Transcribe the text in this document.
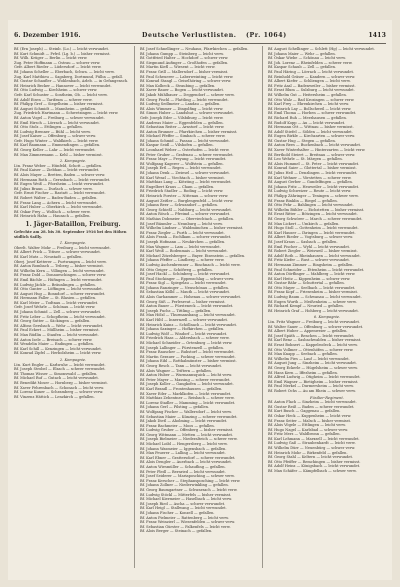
6. Dezember 1916.	Deutsche Verlustlisten. (Pr. 1064)	1413
Bf. (Ern Joseph) — Steinb. (Lo.) — leicht verwundet.
Bf. Kurt Schmidt — Prfrd. (Lg. b.) — bisher vermisst.
Bf. Wilh. Krüger — Berlin — leicht verw.
Zug. Peter Hoffmann — Ostrau — schwer verw.
Gefr. Albert Rieder — Lüdersdorf — leicht verw.
Bf. Johann Scheller — Eberbach, Schwa. — leicht verw.
Zug. Karl Matthieu — Sagaberg, Dortmund, Fülba — gefall.
Bf. Gustav Schaufler — Wohlenbach, Arleb. — in Gefangensch.
Bf. Heinrich Becker — Hannover — leicht verwundet.
Bf. Otto Ludwig — Kirchheim — schwer verw.
Gefr. Karl Schuster — Sontheim, Ob. — leicht verw.
Bf. Adolf Eisen — Tarifzum — schwer verw.
Bf. Philipp Gref — Siegelheim — bisher vermisst.
Bf. August Schmidt — Mannheim — gefallen.
Zug. Friedrich Hartmann — Schwetzingen — leicht verw.
Bf. Anton Vogel — Freiburg — schwer verwundet.
Bf. Emil Hirsch — Lörrach — leicht verwundet.
Bf. Otto Stolz — Ettlingen — gefallen.
Bf. Ludwig Brenner — Bühl — leicht verw.
Bf. Josef Kaiser — Offenburg — schwer verw.
Gefr. Hugo Winter — Waldkirch — leicht verw.
Bf. Karl Baumann — Emmendingen — gefallen.
Bf. Georg Keller — Lahr — leicht verwundet.
Bf. Max Zimmermann — Kehl — bisher vermisst.
2. Kompagnie.
Ltn. Franz Weber — Hünfeld, Schott — gefallen.
Bf. Paul Kaiser — Ziebhan — leicht verwundet.
Bf. Alois Mayer — Bretten, Baden — schwer verw.
Bf. Hermann Roth — Gernsbach — leicht verwundet.
Bf. Eugen Weiß — Pforzheim — leicht verwundet.
Bf. Julius Braun — Durlach — schwer verw.
Gefr. Ernst Fischer — Rastatt — leicht verwundet.
Bf. Robert Walter — Baden-Baden — gefallen.
Bf. Franz Lang — Achern — leicht verwundet.
Bf. Karl Huber — Oberkirch — leicht verwundet.
Bf. Oskar Frey — Wolfach — schwer verw.
Bf. Heinrich Hahn — Hausach — gefallen.
1. Jäger-Bataillon, Freiburg.
Gefechte am 28. bis 30. September 1916 bei den Höhen südlich Sailly.
1. Kompagnie.
Oberlt. Walter Mohr — Freiburg — leicht verwundet.
Bf. Albert Frick — Titisee — schwer verwundet.
Bf. Karl Mutz — Neustadt — gefallen.
Oberj. Josef Ketterer — Furtwangen — leicht verw.
Bf. Anton Rombach — Triberg — bisher vermisst.
Bf. Wilhelm Kern — Villingen — leicht verwundet.
Bf. Franz Dold — Donaueschingen — schwer verw.
Bf. Emil Bächle — Hüfingen — leicht verwundet.
Bf. Ludwig Jäckle — Bräunlingen — gefallen.
Bf. Otto Ganter — Löffingen — leicht verwundet.
Bf. August Hug — Bonndorf — schwer verwundet.
Bf. Hermann Faller — St. Blasien — gefallen.
Bf. Karl Meier — Todtnau — leicht verwundet.
Gefr. Josef Wehrle — Schönau — leicht verw.
Bf. Johann Schmid — Zell — schwer verwundet.
Bf. Fritz Leber — Schopfheim — leicht verwundet.
Bf. Georg Sutter — Säckingen — gefallen.
Bf. Alfons Gersbach — Wehr — leicht verwundet.
Bf. Paul Eckert — Müllheim — bisher vermisst.
Bf. Max Rüdlin — Staufen — leicht verwundet.
Bf. Anton Isele — Breisach — schwer verw.
Bf. Wendelin Maier — Endingen — gefallen.
Bf. Karl Schill — Kenzingen — leicht verwundet.
Bf. Konrad Zipfel — Herbolzheim — leicht verw.
2. Kompagnie.
Ltn. Kurt Engler — Karlsruhe — leicht verwundet.
Bf. Joseph Strobel — Elzach — schwer verwundet.
Bf. Thomas Wisser — Simonswald — gefallen.
Bf. Michael Ruf — Gutach — leicht verwundet.
Bf. Benedikt Moser — Hornberg — bisher vermisst.
Bf. Xaver Fehrenbach — Schonach — leicht verw.
Bf. Lorenz Kuner — Schramberg — schwer verw.
Bf. Vinzenz Hättich — Lenzkirch — gefallen.
Bf. Josef Schnellinger — Neuhaus, Pfarrkirchen — gefallen.
Bf. Johann Gumpp — Steinberg — leicht verw.
Bf. Gottfried Halter — Hochdorf — schwer verw.
Bf. Siegmund Aufinger — Großhofen — gefallen.
Bf. Martin Kiefl — Wiesent — leicht verw.
Bf. Franz Grill — Mallersdorf — bisher vermisst.
Bf. Paul Scheuerer — Laberweinting — leicht verw.
Bf. Konrad Stangl — Geiselhöring — schwer verw.
Bf. Max Kolbeck — Straubing — gefallen.
Bf. Xaver Bauer — Bogen — leicht verwundet.
Bf. Jakob Mühlbauer — Deggendorf — schwer verw.
Bf. Georg Fischl — Plattling — leicht verwundet.
Bf. Ludwig Sedlmeier — Landau — gefallen.
Bf. Alois Wimmer — Dingolfing — leicht verw.
Bf. Simon Huber — Landshut — schwer verwundet.
Gefr. Joseph Eder — Vilsbiburg — leicht verw.
Bf. Andreas Maier — Eggenfelden — gefallen.
Bf. Sebastian Reiter — Arnstorf — leicht verw.
Bf. Anton Brunner — Pfarrkirchen — bisher vermisst.
Bf. Michael Pfeffer — Simbach — schwer verw.
Bf. Johann Schmid — Passau — leicht verwundet.
Bf. Kaspar Seidl — Vilshofen — gefallen.
Bf. Leonhard Weber — Osterhofen — leicht verw.
Bf. Peter Gruber — Grafenau — schwer verwundet.
Bf. Franz Mayr — Freyung — leicht verwundet.
Bf. Wolfgang Kagerer — Wolfstein — gefallen.
Bf. Joseph Ertl — Regen — leicht verwundet.
Bf. Johann Denk — Zwiesel — schwer verwundet.
Bf. Karl Wenzl — Viechtach — bisher vermisst.
Bf. Matthias Lang — Kötzting — leicht verwundet.
Bf. Engelbert Kraus — Cham — gefallen.
Bf. Friedrich Stadler — Roding — leicht verw.
Bf. Heinrich Forster — Nittenau — schwer verw.
Bf. August Zeitler — Burglengenfeld — leicht verw.
Bf. Johann Beer — Schwandorf — gefallen.
Bf. Georg Schießl — Nabburg — leicht verwundet.
Bf. Anton Rösch — Pfreimd — schwer verwundet.
Bf. Mathias Dobmeier — Oberviechtach — gefallen.
Bf. Josef Bäumler — Neunburg — leicht verw.
Bf. Wilhelm Lindner — Waldmünchen — bisher vermisst.
Bf. Franz Ziegler — Furth — leicht verwundet.
Bf. Alois Frank — Eschlkam — schwer verwundet.
Bf. Joseph Hofmann — Neukirchen — gefallen.
Bf. Max Wagner — Lam — leicht verwundet.
Bf. Karl Weiß — Bodenmais — leicht verwundet.
Bf. Michael Zitzelsberger — Bayer. Eisenstein — gefallen.
Bf. Johann Pfeffer — Lindberg — schwer verw.
Bf. Ludwig Aschenbrenner — Rinchnach — leicht verw.
Bf. Otto Geiger — Schöfweg — gefallen.
Bf. Josef Hackl — Schönberg — leicht verwundet.
Bf. Paul Stockinger — Eppenschlag — schwer verw.
Bf. Franz Sigl — Spiegelau — leicht verwundet.
Bf. Johann Ranzinger — Neuschönau — gefallen.
Bf. Sebastian Kölbl — Mauth — leicht verwundet.
Bf. Alois Garhammer — Hohenau — schwer verwundet.
Bf. Georg Süß — Perlesreut — bisher vermisst.
Bf. Anton Bauer — Fürsteneck — leicht verwundet.
Bf. Joseph Fuchs — Tittling — gefallen.
Bf. Max Hölzl — Thurmansbang — leicht verwundet.
Bf. Karl Hiltl — Innernzell — schwer verwundet.
Bf. Heinrich Kainz — Schöllnach — leicht verwundet.
Bf. Johann Saxinger — Hofkirchen — gefallen.
Bf. Ludwig Wolf — Windorf — leicht verwundet.
Bf. Friedrich Haas — Aldersbach — schwer verw.
Bf. Michael Schneider — Ortenburg — leicht verw.
Bf. Joseph Lallinger — Fürstenzell — gefallen.
Bf. Franz Rauscher — Ruhstorf — leicht verwundet.
Bf. Martin Gerauer — Pocking — schwer verwundet.
Bf. Johann Eibl — Rotthalmünster — bisher vermisst.
Bf. Georg Resch — Tann — leicht verwundet.
Bf. Alois Wagner — Triftern — gefallen.
Bf. Anton Huber — Wurmannsquick — leicht verw.
Bf. Peter Mayer — Massing — schwer verwundet.
Bf. Joseph Koller — Gangkofen — leicht verwundet.
Bf. Karl Brandl — Frontenhausen — gefallen.
Bf. Xaver Eder — Marklkofen — leicht verwundet.
Bf. Matthias Zehentner — Reisbach — schwer verw.
Bf. Lorenz Stadler — Mamming — leicht verwundet.
Bf. Johann Gerl — Pilsting — gefallen.
Bf. Wolfgang Fischer — Wallersdorf — leicht verw.
Bf. Sebastian Maier — Künzing — schwer verwundet.
Bf. Jakob Dietl — Aholming — leicht verwundet.
Bf. Franz Bachmeier — Moos — gefallen.
Bf. Ludwig Gruber — Offenberg — bisher vermisst.
Bf. Georg Wittmann — Metten — leicht verwundet.
Bf. Joseph Bielmeier — Niederalteich — schwer verw.
Bf. Michael Loibl — Hengersberg — leicht verw.
Bf. Johann Wasmeier — Iggensbach — gefallen.
Bf. Max Feuerer — Lalling — leicht verwundet.
Bf. Karl Ebner — Grattersdorf — schwer verwundet.
Bf. Alois Dengler — Auerbach — leicht verwundet.
Bf. Anton Wiesmüller — Schaufling — gefallen.
Bf. Peter Pledl — Bernried — leicht verwundet.
Bf. Josef Seiderer — Mariaposching — schwer verw.
Bf. Franz Kerscher — Stephansposching — leicht verw.
Bf. Johann Zollner — Niederwinkling — gefallen.
Bf. Georg Baumgartner — Schwarzach — leicht verw.
Bf. Ludwig Stöckl — Mitterfels — bisher vermisst.
Bf. Michael Kiermeier — Haselbach — leicht verw.
Bf. Joseph Ried — Ascha — schwer verwundet.
Bf. Karl Heigl — Stallwang — leicht verwundet.
Bf. Johann Fischer — Konzell — gefallen.
Bf. Anton Pielmeier — Rattenberg — leicht verw.
Bf. Franz Weinzierl — Wiesenfelden — schwer verw.
Bf. Sebastian Gürster — Falkenfels — leicht verw.
Bf. Alois Berger — Steinach — gefallen.
Bf. August Schellinger — Schlett (Hg) — leicht verwundet.
Bf. Johann Maier — Wehr — gefallen.
Bf. Oskar Wiebe — Schönau — leicht verw.
Bf. Joh. Lorenz — Rheinfelden — schwer verw.
Bf. Kaspar Schaub — Zell — gefallen.
Bf. Paul Häring — Lörrach — leicht verwundet.
Bf. Reinhold Gräser — Kandern — schwer verw.
Bf. Albert Kiefer — Schliengen — leicht verw.
Bf. Fritz Asal — Badenweiler — bisher vermisst.
Bf. Ernst Blum — Sulzburg — leicht verwundet.
Bf. Wilhelm Gut — Heitersheim — gefallen.
Bf. Otto Walz — Bad Krozingen — schwer verw.
Bf. Karl Frey — Ehrenkirchen — leicht verw.
Bf. Heinrich Lay — Bollschweil — leicht verw.
Bf. Emil Thoma — Horben — schwer verwundet.
Bf. Richard Ruh — Merzhausen — gefallen.
Bf. Rudolf Kopp — Au — leicht verwundet.
Bf. Hermann Ott — Wittnau — bisher vermisst.
Bf. Adolf Stiefel — Sölden — leicht verwundet.
Bf. Eugen Birkle — Kirchzarten — schwer verw.
Bf. Gustav Hug — Stegen — gefallen.
Bf. Anton Rees — Buchenbach — leicht verwundet.
Bf. Xaver Winterhalter — Hinterzarten — leicht verw.
Bf. Berthold Steiert — Breitnau — schwer verw.
Bf. Leo Wehrle — St. Märgen — gefallen.
Bf. Alois Hummel — St. Peter — leicht verwundet.
Bf. Konrad Saier — Glottertal — bisher vermisst.
Bf. Julius Heß — Denzlingen — leicht verwundet.
Bf. Karl Wehner — Vörstetten — schwer verw.
Bf. August Gerber — Gundelfingen — gefallen.
Bf. Johann Fritz — Heuweiler — leicht verwundet.
Bf. Ludwig Schweizer — Reute — leicht verw.
Bf. Philipp Zähringer — Teningen — schwer verw.
Bf. Franz Rinklin — Riegel — gefallen.
Bf. Otto Fehr — Bahlingen — leicht verwundet.
Bf. Wilhelm Bühler — Eichstetten — bisher vermisst.
Bf. Ernst Ritter — Bötzingen — leicht verwundet.
Bf. Georg Schwörer — March — schwer verwundet.
Bf. Max Lickert — Umkirch — gefallen.
Bf. Hugo Stoll — Gottenheim — leicht verwundet.
Bf. Karl Hauser — Ihringen — leicht verwundet.
Bf. Albert Rieder — Vogtsburg — schwer verw.
Bf. Josef Kraus — Sasbach — gefallen.
Bf. Emil Fischer — Wyhl — leicht verwundet.
Bf. Robert Ziegler — Weisweil — bisher vermisst.
Bf. Adolf Roth — Rheinhausen — leicht verwundet.
Bf. Fritz Kiefer — Rust — schwer verwundet.
Bf. Hermann Zimmer — Ringsheim — gefallen.
Bf. Paul Schneider — Ettenheim — leicht verwundet.
Bf. Anton Dörflinger — Mahlberg — leicht verw.
Bf. Karl Heitz — Kippenheim — schwer verw.
Bf. Gustav Bähr — Schuttertal — gefallen.
Bf. Otto Mayer — Seelbach — leicht verwundet.
Bf. Franz Kopf — Friesenheim — bisher vermisst.
Bf. Ludwig Baum — Schwanau — leicht verwundet.
Bf. Eugen Wurth — Meißenheim — schwer verw.
Bf. Richard Kempf — Neuried — gefallen.
Bf. Heinrich Graf — Hohberg — leicht verwundet.
6. Kompagnie.
Ltn. Fritz Wagner — Freiburg — leicht verwundet.
Bf. Walter Sauer — Offenburg — schwer verwundet.
Bf. Albert Huber — Appenweier — gefallen.
Bf. Josef Späth — Renchen — leicht verwundet.
Bf. Karl Benz — Sasbachwalden — bisher vermisst.
Bf. Ernst Bohnert — Kappelrodeck — leicht verw.
Bf. Otto Vollmer — Ottenhöfen — schwer verw.
Bf. Max Knapp — Seebach — gefallen.
Bf. Wilhelm Fies — Lauf — leicht verwundet.
Bf. August Jung — Sinzheim — leicht verwundet.
Bf. Georg Eckerle — Hügelsheim — schwer verw.
Bf. Hans Kern — Iffezheim — gefallen.
Bf. Alfred Ludwig — Ötigheim — leicht verwundet.
Bf. Emil Wagner — Bietigheim — bisher vermisst.
Bf. Paul Merkel — Durmersheim — leicht verw.
Bf. Robert Ochs — Au am Rhein — schwer verw.
Füsilier-Regiment.
Bf. Anton Flach — Sinzheim — leicht verwundet.
Bf. Gustav Reiß — Baden — schwer verwundet.
Bf. Kurt Busch — Gaggenau — gefallen.
Bf. Oskar Heck — Kuppenheim — leicht verw.
Bf. Franz Seiter — Malsch — bisher vermisst.
Bf. Alois Vögele — Ettlingen — leicht verw.
Bf. Hugo Nagel — Karlsbad — schwer verw.
Bf. Fritz Merz — Waldbronn — gefallen.
Bf. Karl Lehmann — Marxzell — leicht verwundet.
Bf. Ludwig Gaß — Straubenhardt — leicht verw.
Bf. Wilhelm Dürr — Neuenbürg — schwer verw.
Bf. Heinrich Mohr — Birkenfeld — gefallen.
Bf. Georg Stahl — Keltern — leicht verwundet.
Bf. Otto Pfeiffer — Remchingen — bisher vermisst.
Bf. Adolf Heinz — Königsbach — leicht verwundet.
Bf. Max Schäfer — Kämpfelbach — schwer verw.
